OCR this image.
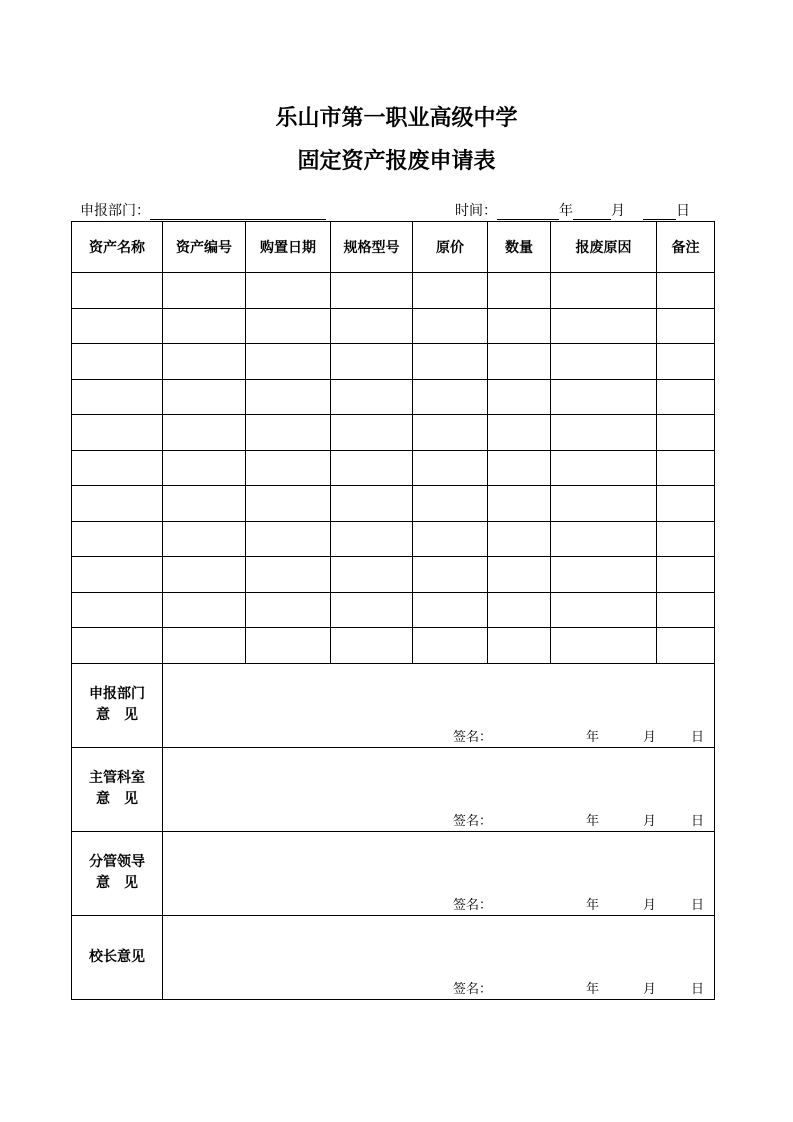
乐山市第一职业高级中学
固定资产报废申请表
申报部门：	时间：	年	月	日
资产名称	资产编号	购置日期	规格型号	原价	数量	报废原因	备注

申报部门
意　见	签名： 年 月 日						

主管科室
意　见	签名： 年 月 日						

分管领导
意　见	签名： 年 月 日						

校长意见	签名： 年 月 日						
